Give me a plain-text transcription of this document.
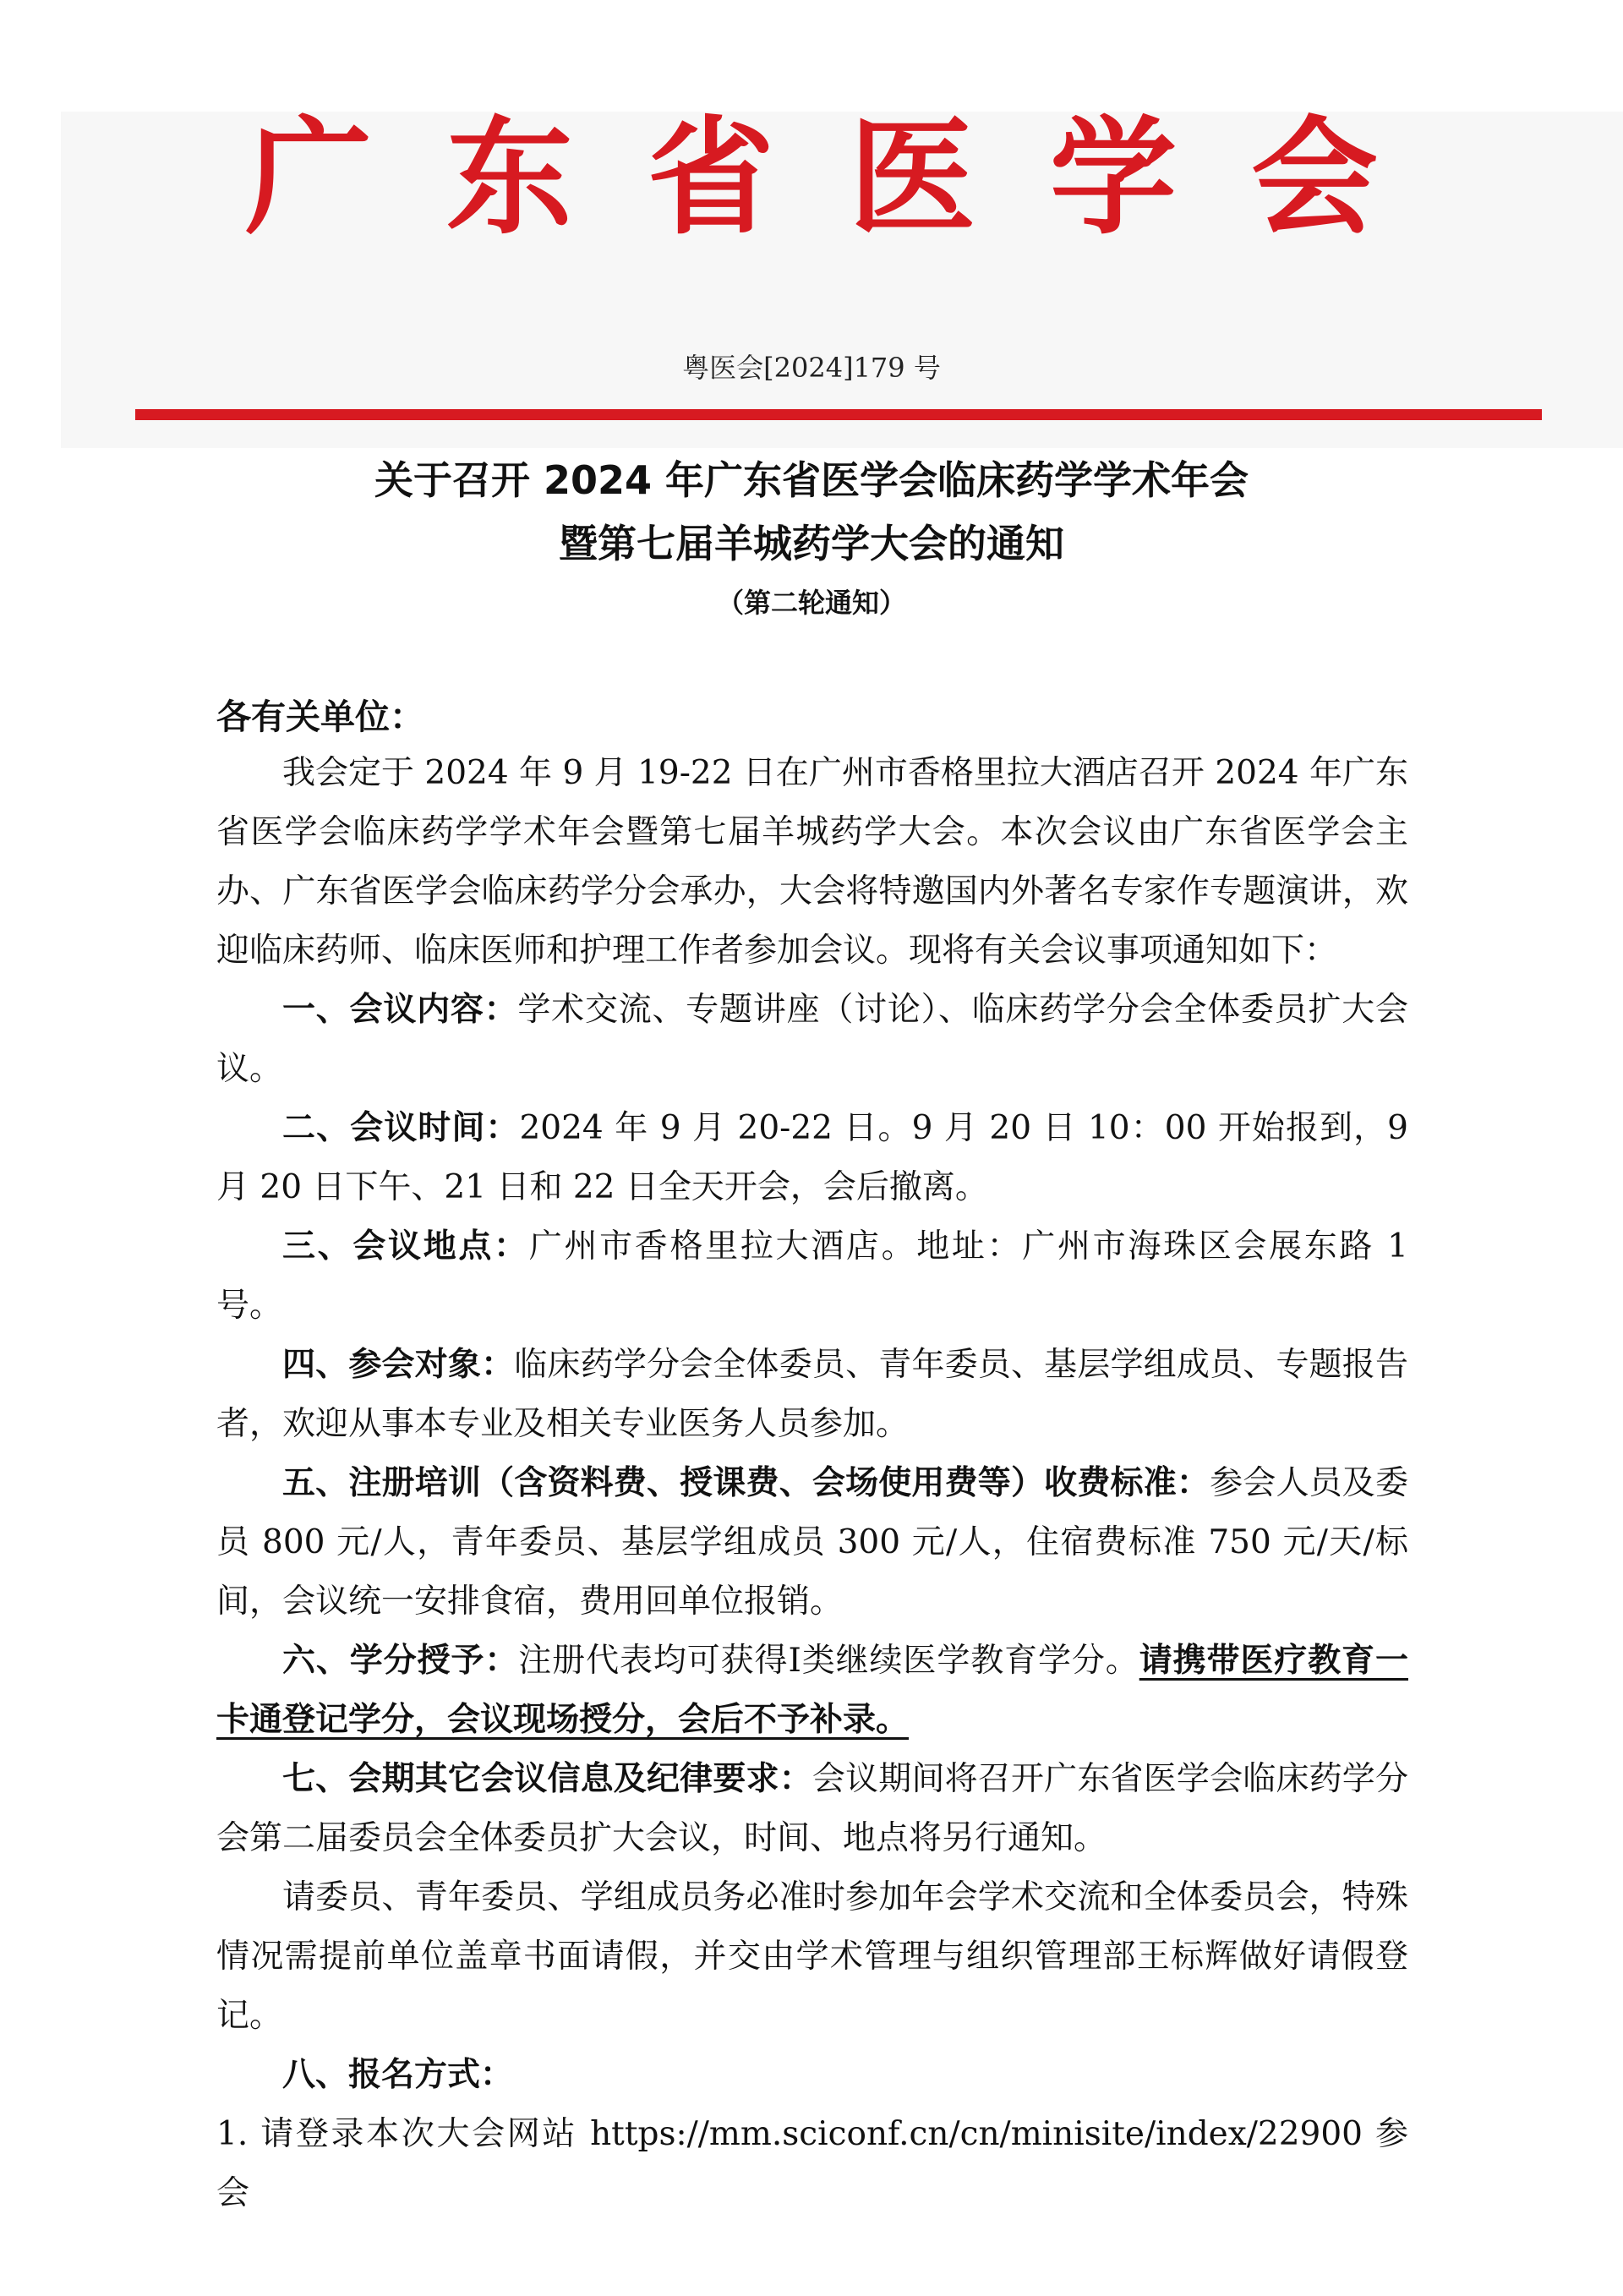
广 东 省 医 学 会
粤医会[2024]179 号
关于召开 2024 年广东省医学会临床药学学术年会
暨第七届羊城药学大会的通知
（第二轮通知）
各有关单位：

我会定于 2024 年 9 月 19-22 日在广州市香格里拉大酒店召开 2024 年广东省医学会临床药学学术年会暨第七届羊城药学大会。本次会议由广东省医学会主办、广东省医学会临床药学分会承办，大会将特邀国内外著名专家作专题演讲，欢迎临床药师、临床医师和护理工作者参加会议。现将有关会议事项通知如下：

一、会议内容：学术交流、专题讲座（讨论）、临床药学分会全体委员扩大会议。

二、会议时间：2024 年 9 月 20-22 日。9 月 20 日 10：00 开始报到，9 月 20 日下午、21 日和 22 日全天开会，会后撤离。

三、会议地点：广州市香格里拉大酒店。地址：广州市海珠区会展东路 1 号。

四、参会对象：临床药学分会全体委员、青年委员、基层学组成员、专题报告者，欢迎从事本专业及相关专业医务人员参加。

五、注册培训（含资料费、授课费、会场使用费等）收费标准：参会人员及委员 800 元/人，青年委员、基层学组成员 300 元/人，住宿费标准 750 元/天/标间，会议统一安排食宿，费用回单位报销。

六、学分授予：注册代表均可获得Ⅰ类继续医学教育学分。请携带医疗教育一卡通登记学分，会议现场授分，会后不予补录。

七、会期其它会议信息及纪律要求：会议期间将召开广东省医学会临床药学分会第二届委员会全体委员扩大会议，时间、地点将另行通知。

请委员、青年委员、学组成员务必准时参加年会学术交流和全体委员会，特殊情况需提前单位盖章书面请假，并交由学术管理与组织管理部王标辉做好请假登记。

八、报名方式：

1. 请登录本次大会网站 https://mm.sciconf.cn/cn/minisite/index/22900 参会
